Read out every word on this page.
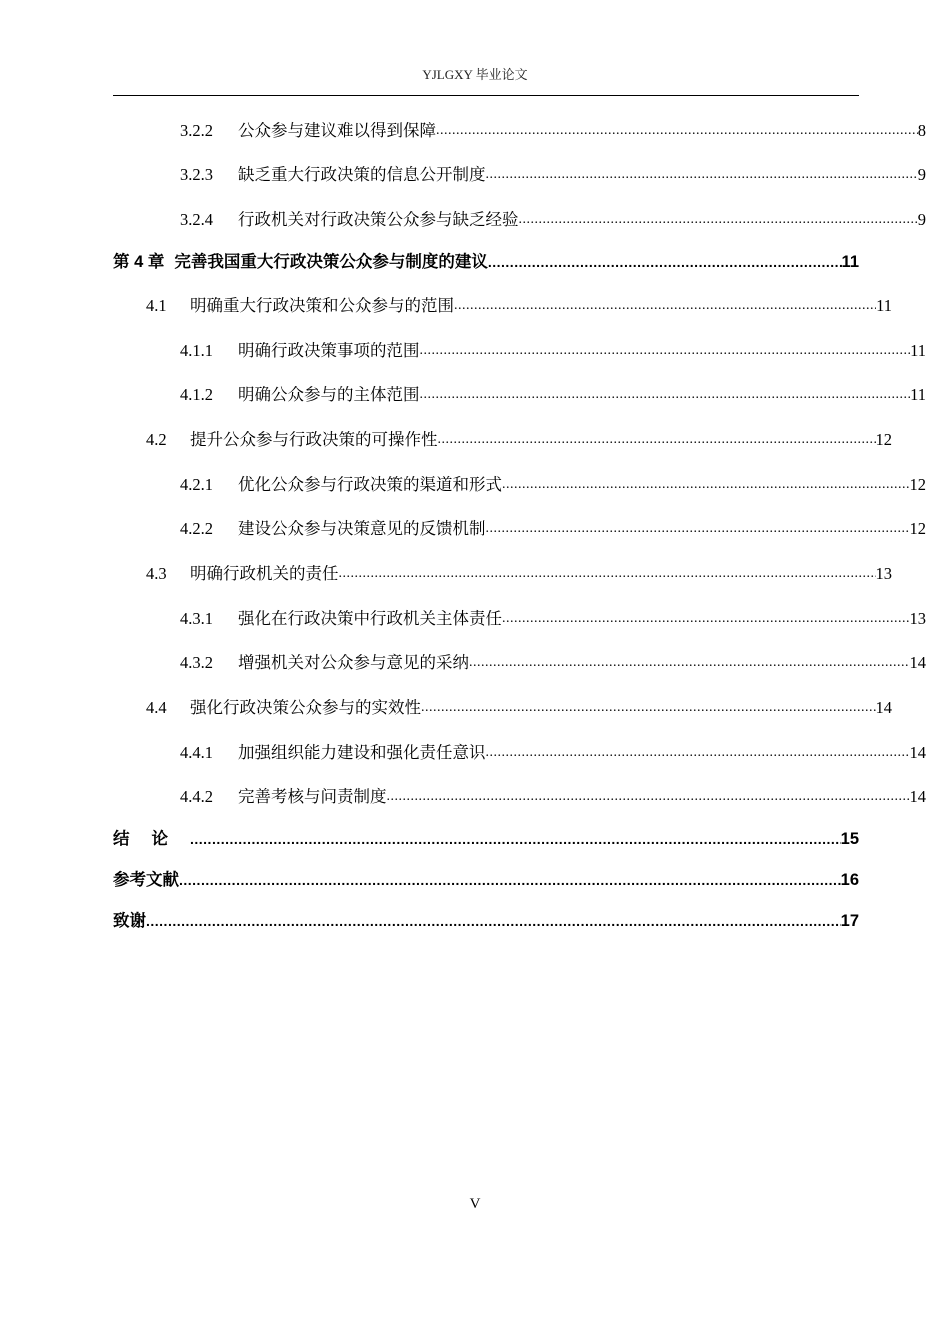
YJLGXY 毕业论文
3.2.2	公众参与建议难以得到保障 .....	8
3.2.3	缺乏重大行政决策的信息公开制度 .....	9
3.2.4	行政机关对行政决策公众参与缺乏经验 .....	9
第 4 章 完善我国重大行政决策公众参与制度的建议 .....	11
4.1	明确重大行政决策和公众参与的范围 .....	11
4.1.1	明确行政决策事项的范围 .....	11
4.1.2	明确公众参与的主体范围 .....	11
4.2	提升公众参与行政决策的可操作性 .....	12
4.2.1	优化公众参与行政决策的渠道和形式 .....	12
4.2.2	建设公众参与决策意见的反馈机制 .....	12
4.3	明确行政机关的责任 .....	13
4.3.1	强化在行政决策中行政机关主体责任 .....	13
4.3.2	增强机关对公众参与意见的采纳 .....	14
4.4	强化行政决策公众参与的实效性 .....	14
4.4.1	加强组织能力建设和强化责任意识 .....	14
4.4.2	完善考核与问责制度 .....	14
结论 .....	15
参考文献 .....	16
致谢 .....	17
V
